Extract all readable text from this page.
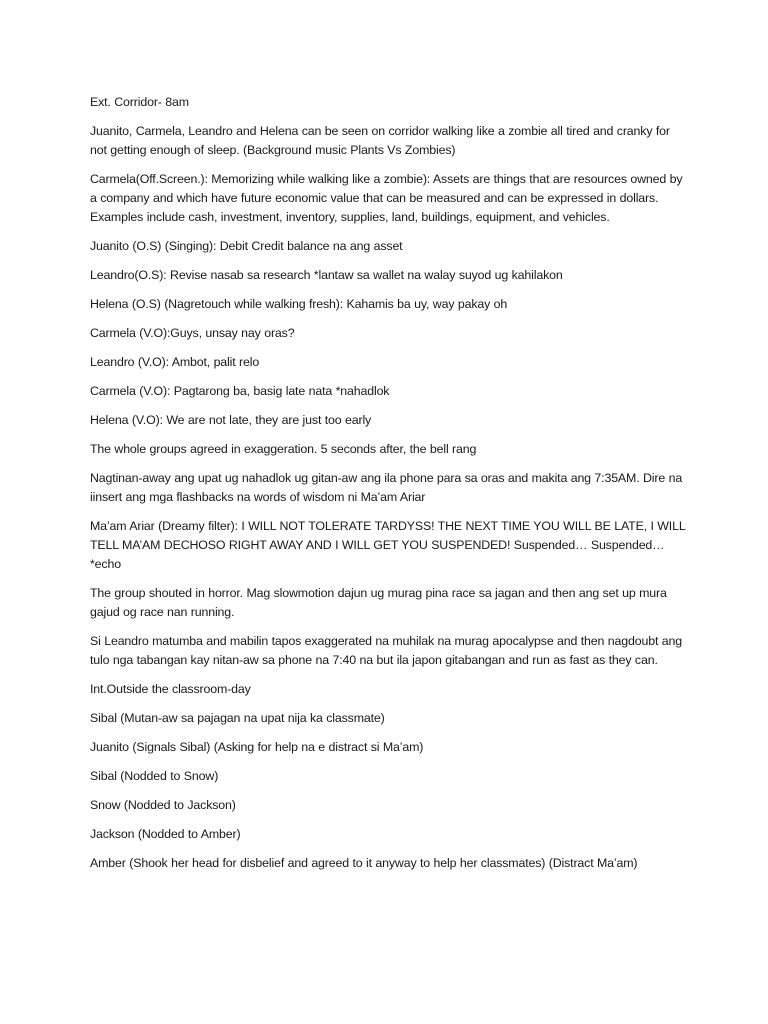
Ext. Corridor- 8am

Juanito, Carmela, Leandro and Helena can be seen on corridor walking like a zombie all tired and cranky for not getting enough of sleep. (Background music Plants Vs Zombies)

Carmela(Off.Screen.): Memorizing while walking like a zombie): Assets are things that are resources owned by a company and which have future economic value that can be measured and can be expressed in dollars. Examples include cash, investment, inventory, supplies, land, buildings, equipment, and vehicles.

Juanito (O.S) (Singing): Debit Credit balance na ang asset

Leandro(O.S): Revise nasab sa research *lantaw sa wallet na walay suyod ug kahilakon

Helena (O.S) (Nagretouch while walking fresh): Kahamis ba uy, way pakay oh

Carmela (V.O):Guys, unsay nay oras?

Leandro (V.O): Ambot, palit relo

Carmela (V.O): Pagtarong ba, basig late nata *nahadlok

Helena (V.O): We are not late, they are just too early

The whole groups agreed in exaggeration. 5 seconds after, the bell rang

Nagtinan-away ang upat ug nahadlok ug gitan-aw ang ila phone para sa oras and makita ang 7:35AM. Dire na iinsert ang mga flashbacks na words of wisdom ni Ma’am Ariar

Ma’am Ariar (Dreamy filter): I WILL NOT TOLERATE TARDYSS! THE NEXT TIME YOU WILL BE LATE, I WILL TELL MA’AM DECHOSO RIGHT AWAY AND I WILL GET YOU SUSPENDED! Suspended… Suspended… *echo

The group shouted in horror. Mag slowmotion dajun ug murag pina race sa jagan and then ang set up mura gajud og race nan running.

Si Leandro matumba and mabilin tapos exaggerated na muhilak na murag apocalypse and then nagdoubt ang tulo nga tabangan kay nitan-aw sa phone na 7:40 na but ila japon gitabangan and run as fast as they can.

Int.Outside the classroom-day

Sibal (Mutan-aw sa pajagan na upat nija ka classmate)

Juanito (Signals Sibal) (Asking for help na e distract si Ma’am)

Sibal (Nodded to Snow)

Snow (Nodded to Jackson)

Jackson (Nodded to Amber)

Amber (Shook her head for disbelief and agreed to it anyway to help her classmates) (Distract Ma’am)
